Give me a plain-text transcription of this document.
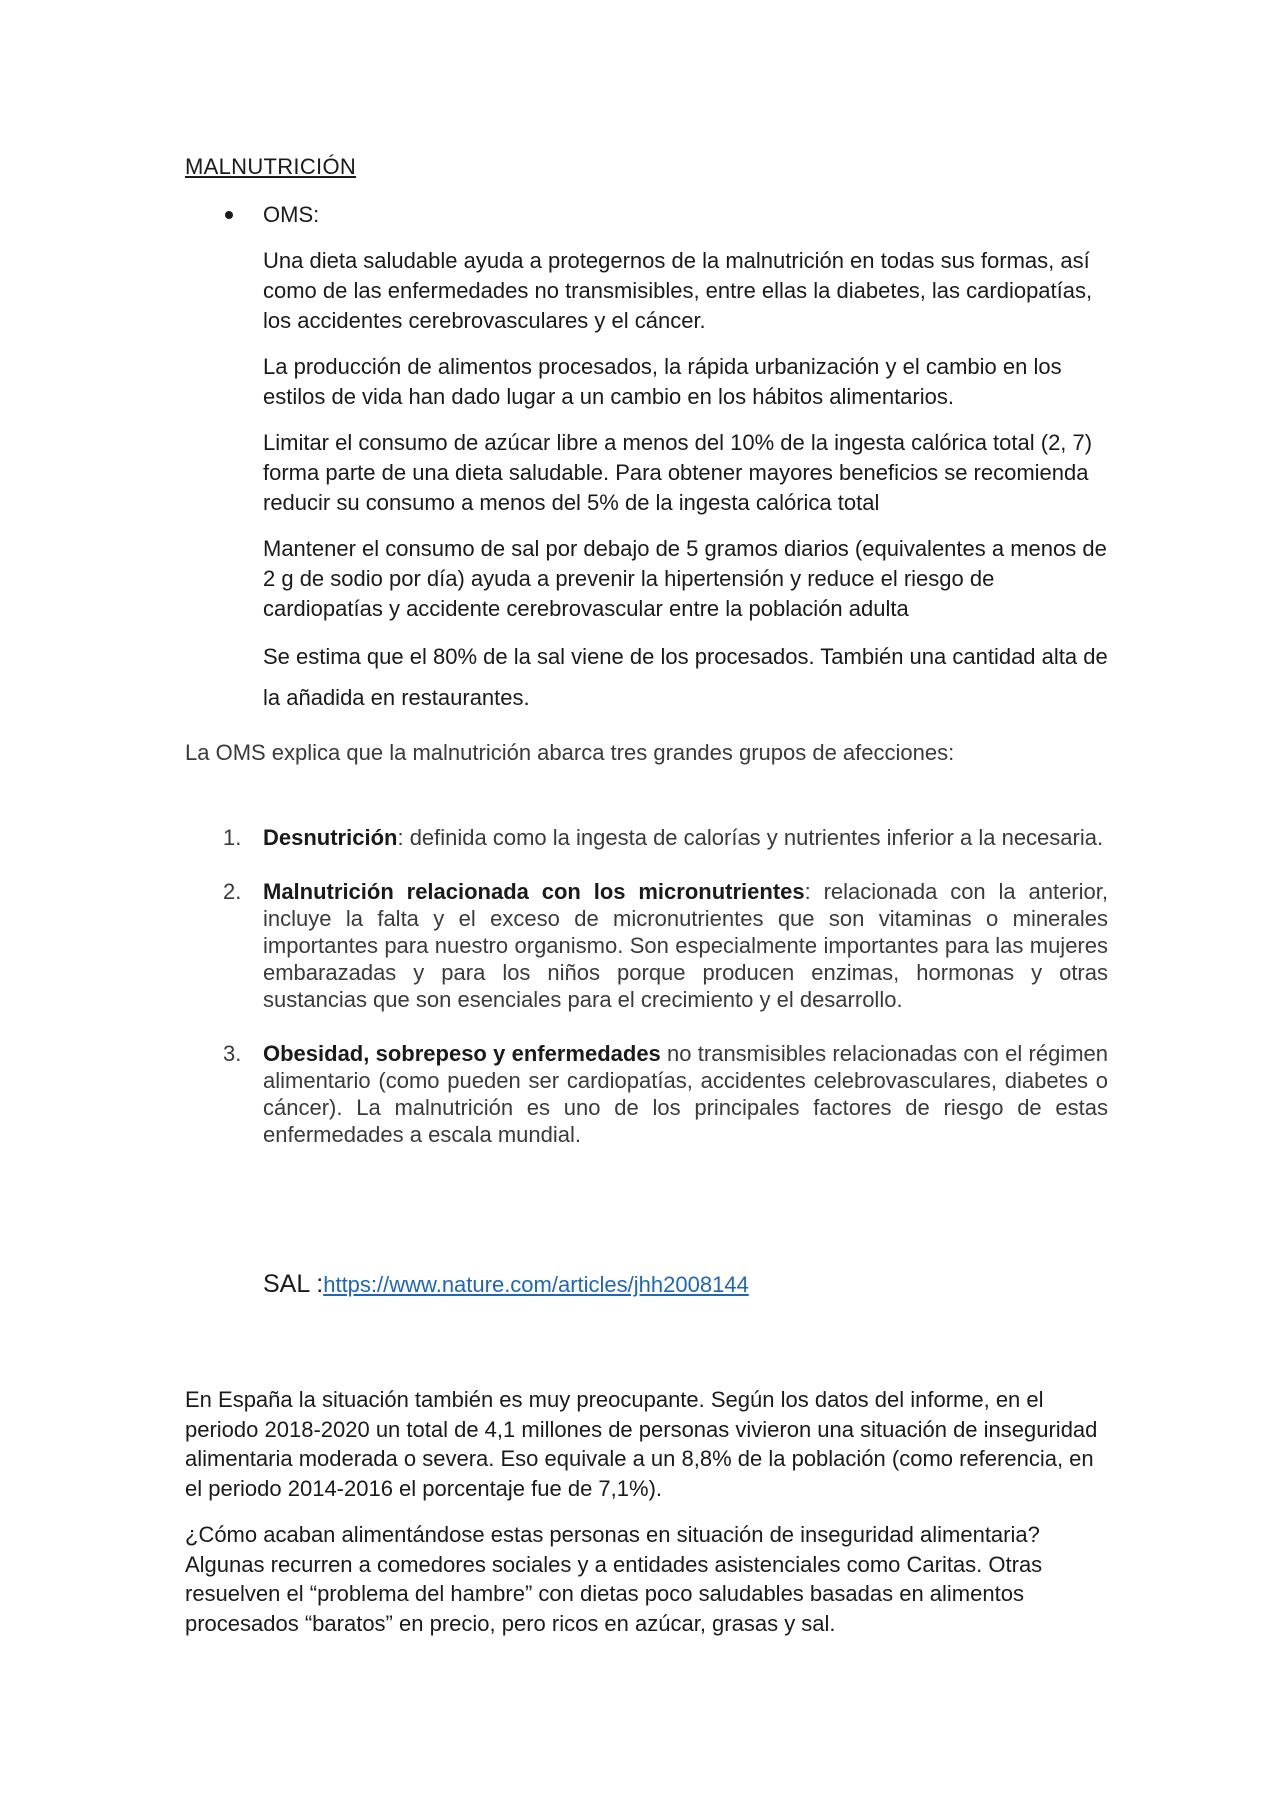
MALNUTRICIÓN
OMS:

Una dieta saludable ayuda a protegernos de la malnutrición en todas sus formas, así como de las enfermedades no transmisibles, entre ellas la diabetes, las cardiopatías, los accidentes cerebrovasculares y el cáncer.

La producción de alimentos procesados, la rápida urbanización y el cambio en los estilos de vida han dado lugar a un cambio en los hábitos alimentarios.

Limitar el consumo de azúcar libre a menos del 10% de la ingesta calórica total (2, 7) forma parte de una dieta saludable. Para obtener mayores beneficios se recomienda reducir su consumo a menos del 5% de la ingesta calórica total

Mantener el consumo de sal por debajo de 5 gramos diarios (equivalentes a menos de 2 g de sodio por día) ayuda a prevenir la hipertensión y reduce el riesgo de cardiopatías y accidente cerebrovascular entre la población adulta

Se estima que el 80% de la sal viene de los procesados. También una cantidad alta de la añadida en restaurantes.

La OMS explica que la malnutrición abarca tres grandes grupos de afecciones:
1. Desnutrición: definida como la ingesta de calorías y nutrientes inferior a la necesaria.
2. Malnutrición relacionada con los micronutrientes: relacionada con la anterior, incluye la falta y el exceso de micronutrientes que son vitaminas o minerales importantes para nuestro organismo. Son especialmente importantes para las mujeres embarazadas y para los niños porque producen enzimas, hormonas y otras sustancias que son esenciales para el crecimiento y el desarrollo.
3. Obesidad, sobrepeso y enfermedades no transmisibles relacionadas con el régimen alimentario (como pueden ser cardiopatías, accidentes celebrovasculares, diabetes o cáncer). La malnutrición es uno de los principales factores de riesgo de estas enfermedades a escala mundial.
SAL :https://www.nature.com/articles/jhh2008144

En España la situación también es muy preocupante. Según los datos del informe, en el periodo 2018-2020 un total de 4,1 millones de personas vivieron una situación de inseguridad alimentaria moderada o severa. Eso equivale a un 8,8% de la población (como referencia, en el periodo 2014-2016 el porcentaje fue de 7,1%).

¿Cómo acaban alimentándose estas personas en situación de inseguridad alimentaria? Algunas recurren a comedores sociales y a entidades asistenciales como Caritas. Otras resuelven el “problema del hambre” con dietas poco saludables basadas en alimentos procesados “baratos” en precio, pero ricos en azúcar, grasas y sal.
